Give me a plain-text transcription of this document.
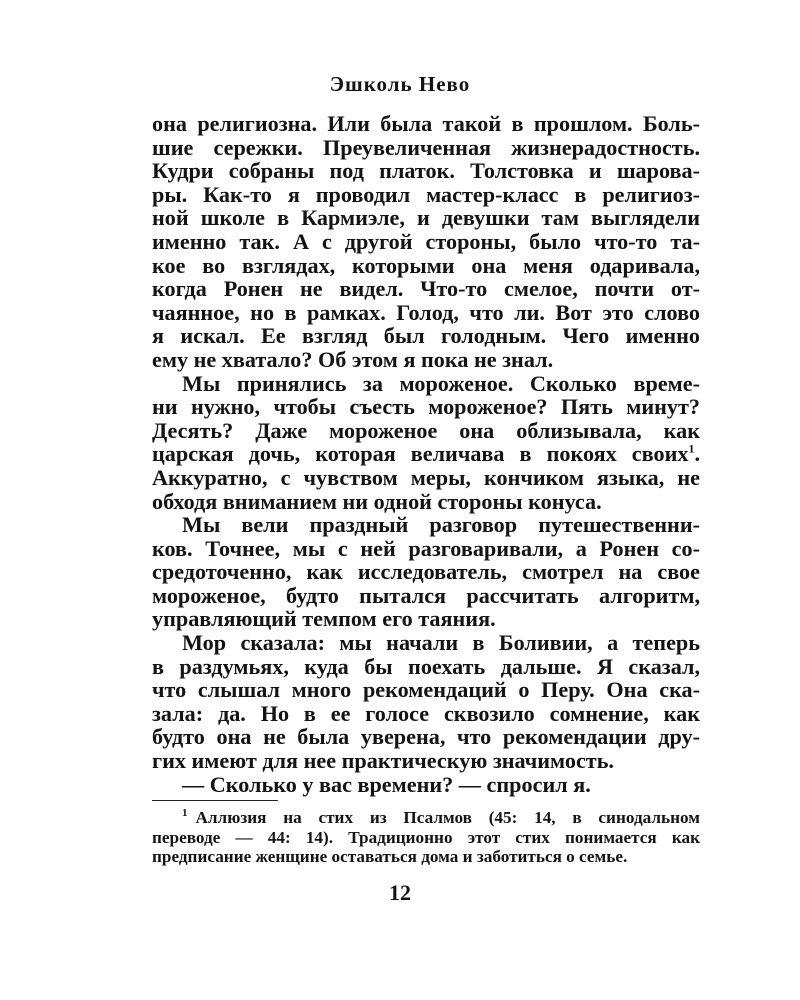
Эшколь Нево
она религиозна. Или была такой в прошлом. Боль-
шие сережки. Преувеличенная жизнерадостность.
Кудри собраны под платок. Толстовка и шарова-
ры. Как-то я проводил мастер-класс в религиоз-
ной школе в Кармиэле, и девушки там выглядели
именно так. А с другой стороны, было что-то та-
кое во взглядах, которыми она меня одаривала,
когда Ронен не видел. Что-то смелое, почти от-
чаянное, но в рамках. Голод, что ли. Вот это слово
я искал. Ее взгляд был голодным. Чего именно
ему не хватало? Об этом я пока не знал.
Мы принялись за мороженое. Сколько време-
ни нужно, чтобы съесть мороженое? Пять минут?
Десять? Даже мороженое она облизывала, как
царская дочь, которая величава в покоях своих$^1$.
Аккуратно, с чувством меры, кончиком языка, не
обходя вниманием ни одной стороны конуса.
Мы вели праздный разговор путешественни-
ков. Точнее, мы с ней разговаривали, а Ронен со-
средоточенно, как исследователь, смотрел на свое
мороженое, будто пытался рассчитать алгоритм,
управляющий темпом его таяния.
Мор сказала: мы начали в Боливии, а теперь
в раздумьях, куда бы поехать дальше. Я сказал,
что слышал много рекомендаций о Перу. Она ска-
зала: да. Но в ее голосе сквозило сомнение, как
будто она не была уверена, что рекомендации дру-
гих имеют для нее практическую значимость.
— Сколько у вас времени? — спросил я.
$^1$ Аллюзия на стих из Псалмов (45: 14, в синодальном
переводе — 44: 14). Традиционно этот стих понимается как
предписание женщине оставаться дома и заботиться о семье.
12
